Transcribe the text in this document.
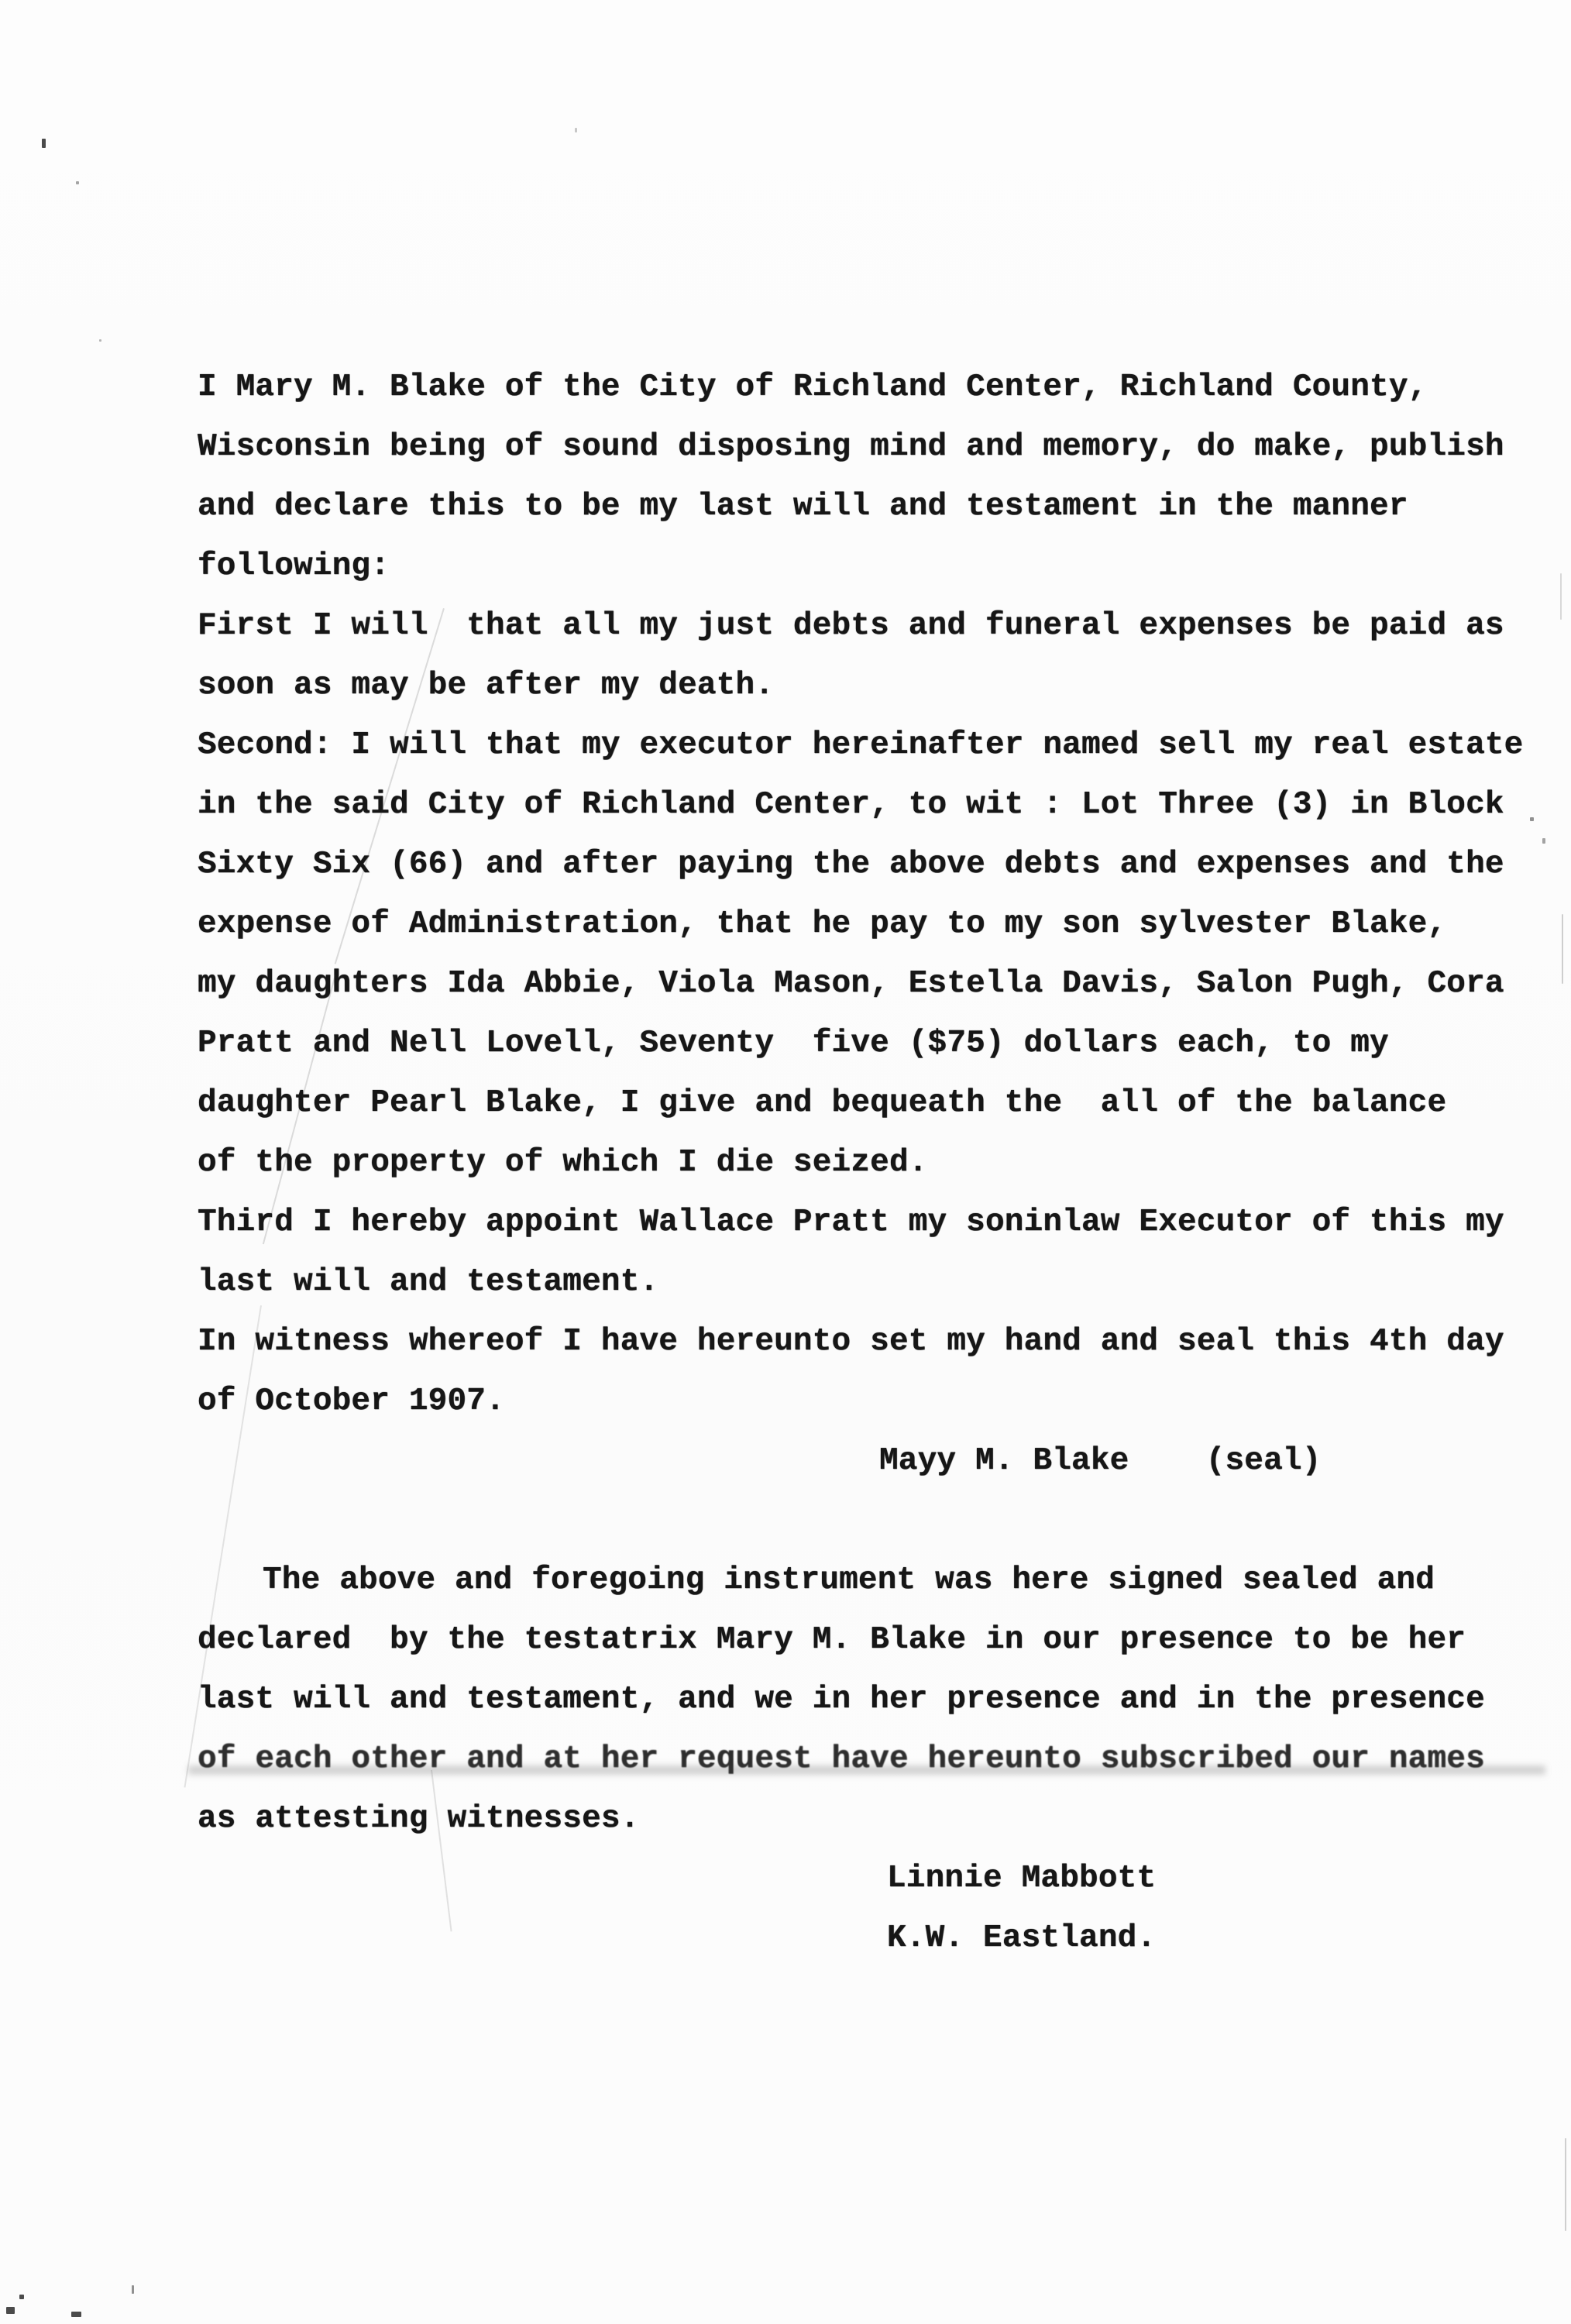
I Mary M. Blake of the City of Richland Center, Richland County,
Wisconsin being of sound disposing mind and memory, do make, publish
and declare this to be my last will and testament in the manner
following:
First I will  that all my just debts and funeral expenses be paid as
soon as may be after my death.
Second: I will that my executor hereinafter named sell my real estate
in the said City of Richland Center, to wit : Lot Three (3) in Block
Sixty Six (66) and after paying the above debts and expenses and the
expense of Administration, that he pay to my son sylvester Blake,
my daughters Ida Abbie, Viola Mason, Estella Davis, Salon Pugh, Cora
Pratt and Nell Lovell, Seventy  five ($75) dollars each, to my
daughter Pearl Blake, I give and bequeath the  all of the balance
of the property of which I die seized.
Third I hereby appoint Wallace Pratt my soninlaw Executor of this my
last will and testament.
In witness whereof I have hereunto set my hand and seal this 4th day
of October 1907.
Mayy M. Blake    (seal)
The above and foregoing instrument was here signed sealed and
declared  by the testatrix Mary M. Blake in our presence to be her
last will and testament, and we in her presence and in the presence
of each other and at her request have hereunto subscribed our names
as attesting witnesses.
Linnie Mabbott
K.W. Eastland.
